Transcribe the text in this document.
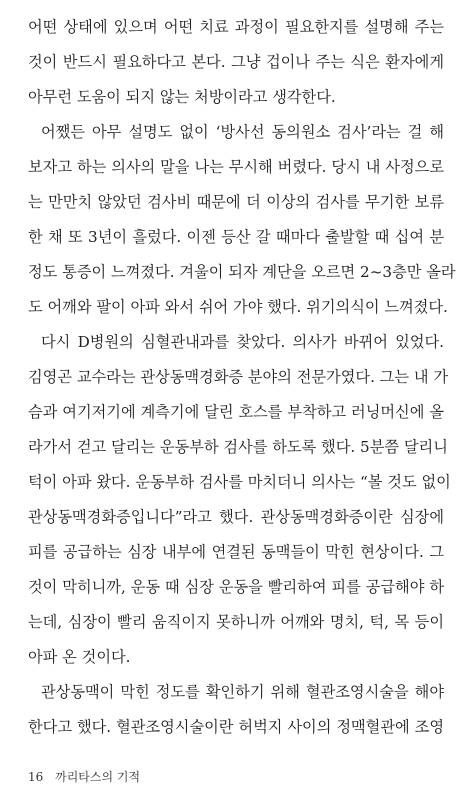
어떤 상태에 있으며 어떤 치료 과정이 필요한지를 설명해 주는
것이 반드시 필요하다고 본다. 그냥 겁이나 주는 식은 환자에게
아무런 도움이 되지 않는 처방이라고 생각한다.
어쨌든 아무 설명도 없이 ‘방사선 동의원소 검사’라는 걸 해
보자고 하는 의사의 말을 나는 무시해 버렸다. 당시 내 사정으로
는 만만치 않았던 검사비 때문에 더 이상의 검사를 무기한 보류
한 채 또 3년이 흘렀다. 이젠 등산 갈 때마다 출발할 때 십여 분
정도 통증이 느껴졌다. 겨울이 되자 계단을 오르면 2~3층만 올라
도 어깨와 팔이 아파 와서 쉬어 가야 했다. 위기의식이 느껴졌다.
다시 D병원의 심혈관내과를 찾았다. 의사가 바뀌어 있었다.
김영곤 교수라는 관상동맥경화증 분야의 전문가였다. 그는 내 가
슴과 여기저기에 계측기에 달린 호스를 부착하고 러닝머신에 올
라가서 걷고 달리는 운동부하 검사를 하도록 했다. 5분쯤 달리니
턱이 아파 왔다. 운동부하 검사를 마치더니 의사는 “볼 것도 없이
관상동맥경화증입니다”라고 했다. 관상동맥경화증이란 심장에
피를 공급하는 심장 내부에 연결된 동맥들이 막힌 현상이다. 그
것이 막히니까, 운동 때 심장 운동을 빨리하여 피를 공급해야 하
는데, 심장이 빨리 움직이지 못하니까 어깨와 명치, 턱, 목 등이
아파 온 것이다.
관상동맥이 막힌 정도를 확인하기 위해 혈관조영시술을 해야
한다고 했다. 혈관조영시술이란 허벅지 사이의 정맥혈관에 조영
16 까리타스의 기적
